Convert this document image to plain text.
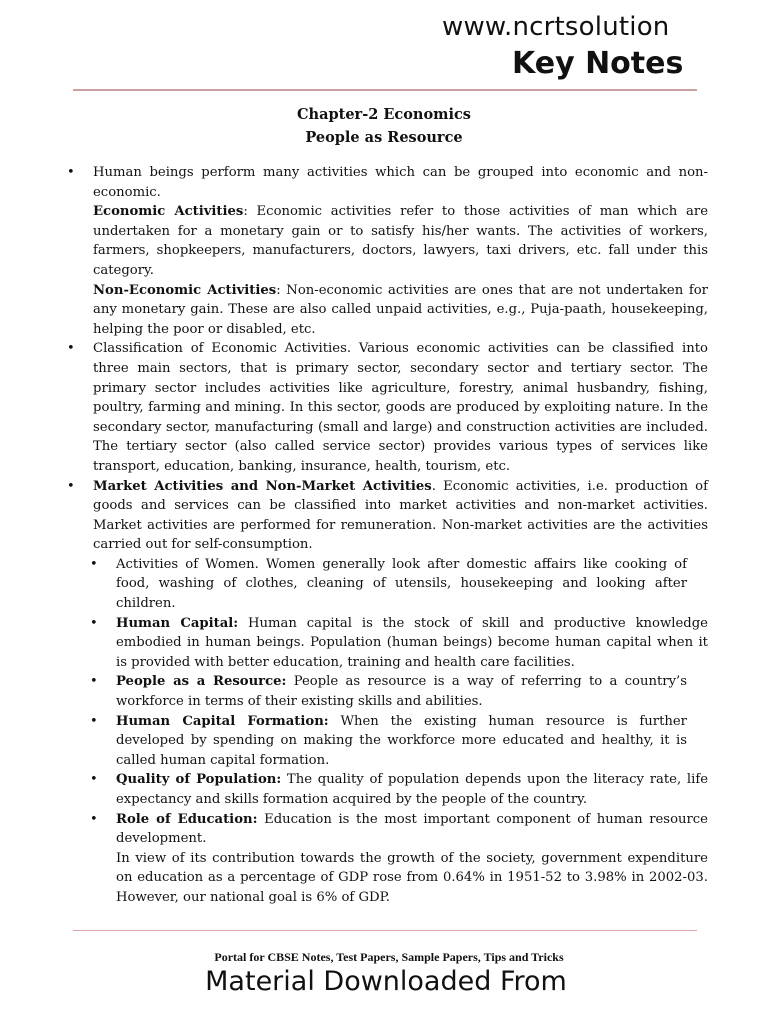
www.ncrtsolution
Key Notes
Chapter-2 Economics
People as Resource
• Human beings perform many activities which can be grouped into economic and non-economic.

Economic Activities: Economic activities refer to those activities of man which are undertaken for a monetary gain or to satisfy his/her wants. The activities of workers, farmers, shopkeepers, manufacturers, doctors, lawyers, taxi drivers, etc. fall under this category.

Non-Economic Activities: Non-economic activities are ones that are not undertaken for any monetary gain. These are also called unpaid activities, e.g., Puja-paath, housekeeping, helping the poor or disabled, etc.

• Classification of Economic Activities. Various economic activities can be classified into three main sectors, that is primary sector, secondary sector and tertiary sector. The primary sector includes activities like agriculture, forestry, animal husbandry, fishing, poultry, farming and mining. In this sector, goods are produced by exploiting nature. In the secondary sector, manufacturing (small and large) and construction activities are included. The tertiary sector (also called service sector) provides various types of services like transport, education, banking, insurance, health, tourism, etc.

• Market Activities and Non-Market Activities. Economic activities, i.e. production of goods and services can be classified into market activities and non-market activities. Market activities are performed for remuneration. Non-market activities are the activities carried out for self-consumption.

• Activities of Women. Women generally look after domestic affairs like cooking of food, washing of clothes, cleaning of utensils, housekeeping and looking after children.

• Human Capital: Human capital is the stock of skill and productive knowledge embodied in human beings. Population (human beings) become human capital when it is provided with better education, training and health care facilities.

• People as a Resource: People as resource is a way of referring to a country’s workforce in terms of their existing skills and abilities.

• Human Capital Formation: When the existing human resource is further developed by spending on making the workforce more educated and healthy, it is called human capital formation.

• Quality of Population: The quality of population depends upon the literacy rate, life expectancy and skills formation acquired by the people of the country.

• Role of Education: Education is the most important component of human resource development.

In view of its contribution towards the growth of the society, government expenditure on education as a percentage of GDP rose from 0.64% in 1951-52 to 3.98% in 2002-03. However, our national goal is 6% of GDP.

Portal for CBSE Notes, Test Papers, Sample Papers, Tips and Tricks
Material Downloaded From
